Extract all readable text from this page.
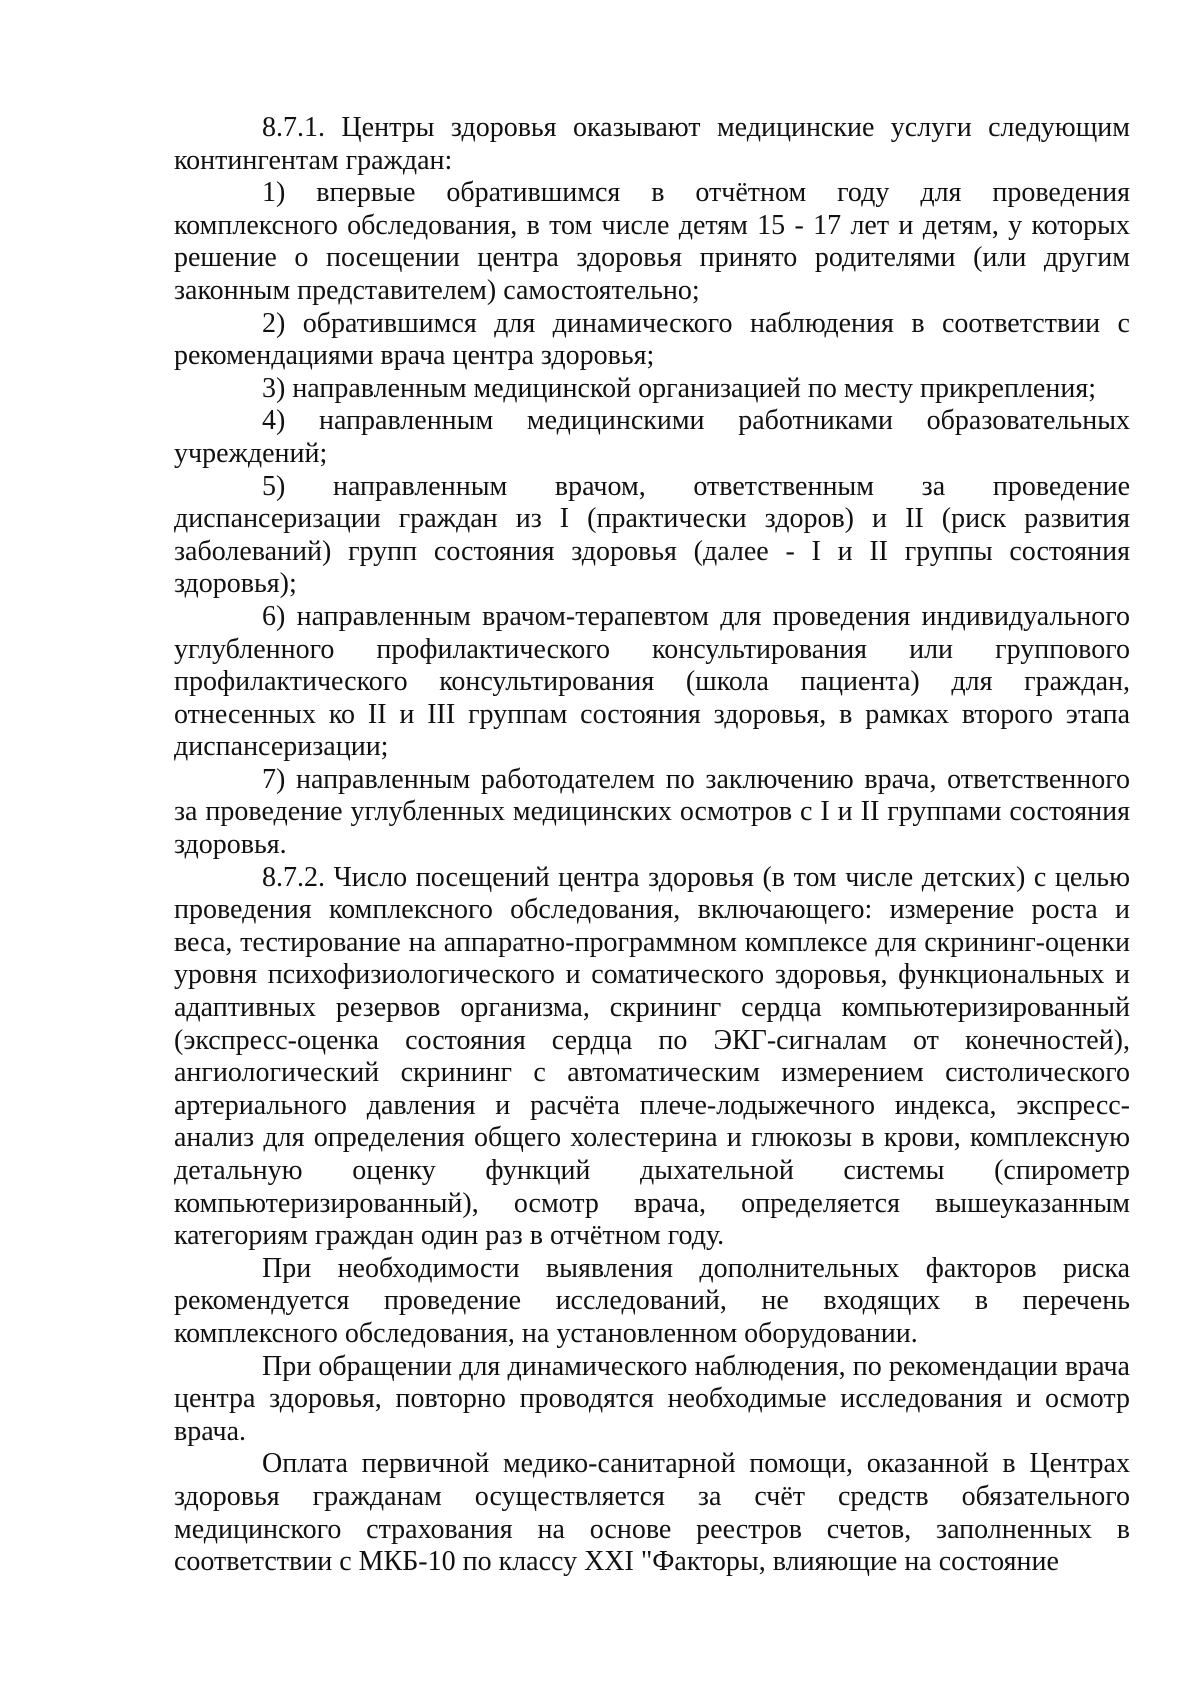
8.7.1. Центры здоровья оказывают медицинские услуги следующим контингентам граждан:

1) впервые обратившимся в отчётном году для проведения комплексного обследования, в том числе детям 15 - 17 лет и детям, у которых решение о посещении центра здоровья принято родителями (или другим законным представителем) самостоятельно;

2) обратившимся для динамического наблюдения в соответствии с рекомендациями врача центра здоровья;

3) направленным медицинской организацией по месту прикрепления;

4) направленным медицинскими работниками образовательных учреждений;

5) направленным врачом, ответственным за проведение диспансеризации граждан из I (практически здоров) и II (риск развития заболеваний) групп состояния здоровья (далее - I и II группы состояния здоровья);

6) направленным врачом-терапевтом для проведения индивидуального углубленного профилактического консультирования или группового профилактического консультирования (школа пациента) для граждан, отнесенных ко II и III группам состояния здоровья, в рамках второго этапа диспансеризации;

7) направленным работодателем по заключению врача, ответственного за проведение углубленных медицинских осмотров с I и II группами состояния здоровья.

8.7.2. Число посещений центра здоровья (в том числе детских) с целью проведения комплексного обследования, включающего: измерение роста и веса, тестирование на аппаратно-программном комплексе для скрининг-оценки уровня психофизиологического и соматического здоровья, функциональных и адаптивных резервов организма, скрининг сердца компьютеризированный (экспресс-оценка состояния сердца по ЭКГ-сигналам от конечностей), ангиологический скрининг с автоматическим измерением систолического артериального давления и расчёта плече-лодыжечного индекса, экспресс-анализ для определения общего холестерина и глюкозы в крови, комплексную детальную оценку функций дыхательной системы (спирометр компьютеризированный), осмотр врача, определяется вышеуказанным категориям граждан один раз в отчётном году.

При необходимости выявления дополнительных факторов риска рекомендуется проведение исследований, не входящих в перечень комплексного обследования, на установленном оборудовании.

При обращении для динамического наблюдения, по рекомендации врача центра здоровья, повторно проводятся необходимые исследования и осмотр врача.

Оплата первичной медико-санитарной помощи, оказанной в Центрах здоровья гражданам осуществляется за счёт средств обязательного медицинского страхования на основе реестров счетов, заполненных в соответствии с МКБ-10 по классу XXI "Факторы, влияющие на состояние
